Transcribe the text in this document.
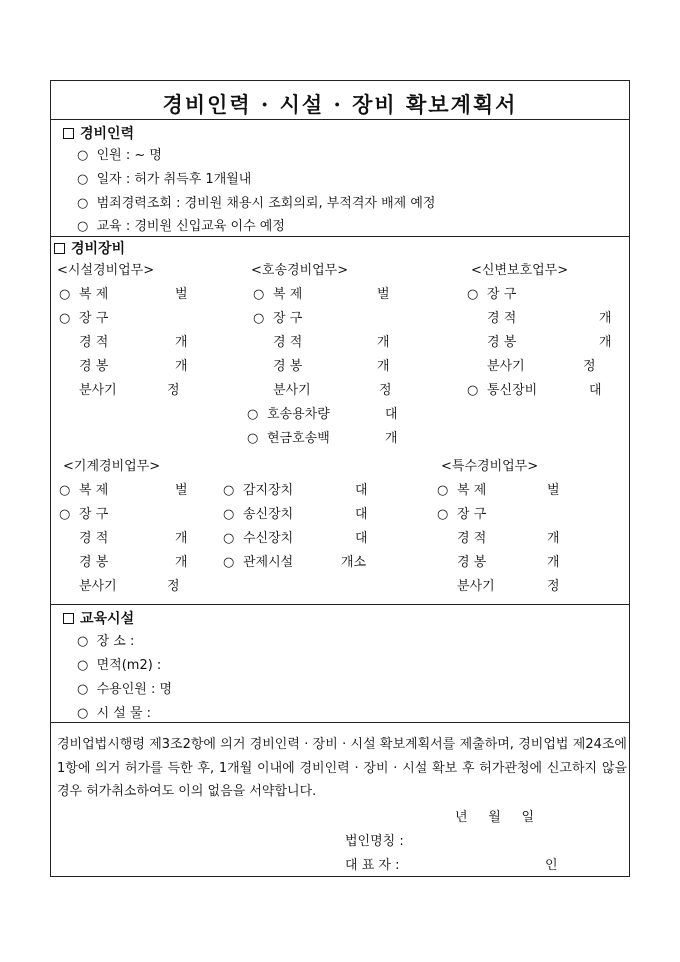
경비인력 · 시설 · 장비 확보계획서
경비인력
○ 인원 : ~ 명
○ 일자 : 허가 취득후 1개월내
○ 범죄경력조회 : 경비원 채용시 조회의뢰, 부적격자 배제 예정
○ 교육 : 경비원 신입교육 이수 예정
경비장비
<시설경비업무>
○ 복 제	벌
○ 장 구
경 적	개
경 봉	개
분사기	정
<호송경비업무>
○ 복 제	벌
○ 장 구
경 적	개
경 봉	개
분사기	정
○ 호송용차량	대
○ 현금호송백	개
<신변보호업무>
○ 장 구
경 적	개
경 봉	개
분사기	정
○ 통신장비	대
<기계경비업무>
○ 복 제	벌
○ 장 구
경 적	개
경 봉	개
분사기	정
○ 감지장치	대
○ 송신장치	대
○ 수신장치	대
○ 관제시설	개소
<특수경비업무>
○ 복 제	벌
○ 장 구
경 적	개
경 봉	개
분사기	정
교육시설
○ 장 소 :
○ 면적(m2) :
○ 수용인원 : 명
○ 시 설 물 :
경비업법시행령 제3조2항에 의거 경비인력 · 장비 · 시설 확보계획서를 제출하며, 경비업법 제24조에1항에 의거 허가를 득한 후, 1개월 이내에 경비인력 · 장비 · 시설 확보 후 허가관청에 신고하지 않을 경우 허가취소하여도 이의 없음을 서약합니다.
년     월     일
법인명칭 :
대 표 자 :	인
